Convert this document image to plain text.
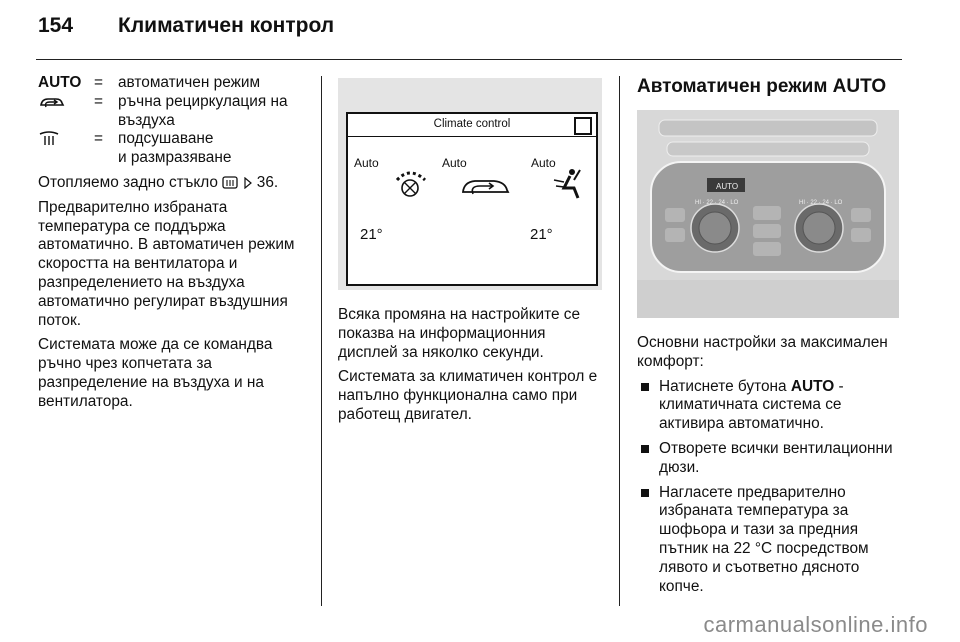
154 Климатичен контрол
AUTO	=	автоматичен режим
	=	ръчна рециркулация на
въздуха
	=	подсушаване
и размразяване

Отопляемо задно стъкло	36.

Предварително избраната температура се поддържа автоматично. В автоматичен режим скоростта на вентилатора и разпределението на въздуха автоматично регулират въздушния поток.

Системата може да се командва ръчно чрез копчетата за разпределение на въздуха и на вентилатора.

Climate control
Auto	Auto	Auto
21°	21°

Всяка промяна на настройките се показва на информационния дисплей за няколко секунди.

Системата за климатичен контрол е напълно функционална само при работещ двигател.

Автоматичен режим AUTO
AUTO
HI · 22 · 24 · LO	HI · 22 · 24 · LO

Основни настройки за максимален комфорт:

Натиснете бутона AUTO - климатичната система се активира автоматично.
Отворете всички вентилационни дюзи.
Нагласете предварително избраната температура за шофьора и тази за предния пътник на 22 °C посредством лявото и съответно дясното копче.
carmanualsonline.info
